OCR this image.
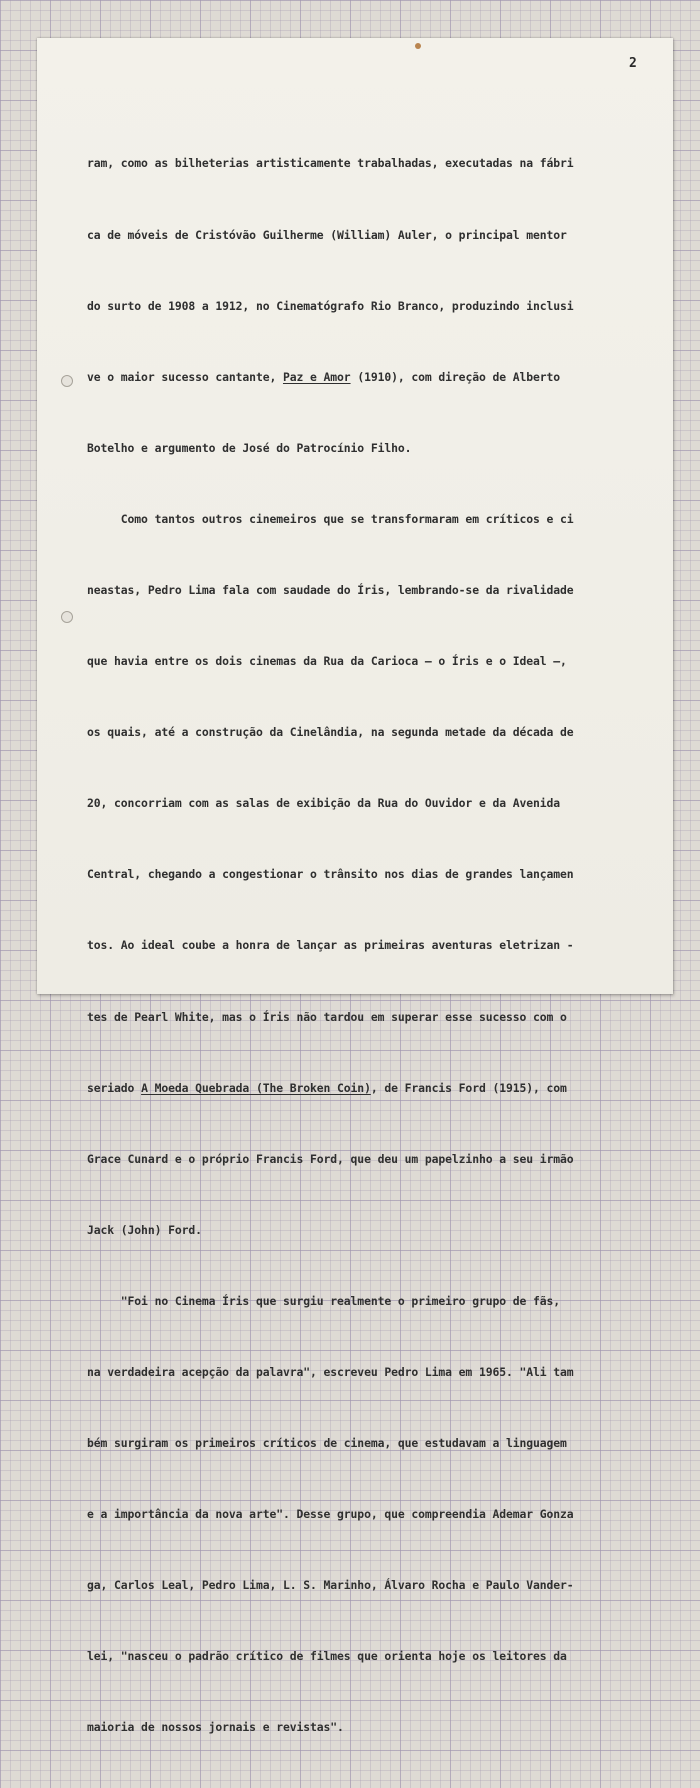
2

ram, como as bilheterias artisticamente trabalhadas, executadas na fábri

ca de móveis de Cristóvão Guilherme (William) Auler, o principal mentor

do surto de 1908 a 1912, no Cinematógrafo Rio Branco, produzindo inclusi

ve o maior sucesso cantante, Paz e Amor (1910), com direção de Alberto

Botelho e argumento de José do Patrocínio Filho.

Como tantos outros cinemeiros que se transformaram em críticos e ci

neastas, Pedro Lima fala com saudade do Íris, lembrando-se da rivalidade

que havia entre os dois cinemas da Rua da Carioca — o Íris e o Ideal —,

os quais, até a construção da Cinelândia, na segunda metade da década de

20, concorriam com as salas de exibição da Rua do Ouvidor e da Avenida

Central, chegando a congestionar o trânsito nos dias de grandes lançamen

tos. Ao ideal coube a honra de lançar as primeiras aventuras eletrizan -

tes de Pearl White, mas o Íris não tardou em superar esse sucesso com o

seriado A Moeda Quebrada (The Broken Coin), de Francis Ford (1915), com

Grace Cunard e o próprio Francis Ford, que deu um papelzinho a seu irmão

Jack (John) Ford.

"Foi no Cinema Íris que surgiu realmente o primeiro grupo de fãs,

na verdadeira acepção da palavra", escreveu Pedro Lima em 1965. "Ali tam

bém surgiram os primeiros críticos de cinema, que estudavam a linguagem

e a importância da nova arte". Desse grupo, que compreendia Ademar Gonza

ga, Carlos Leal, Pedro Lima, L. S. Marinho, Álvaro Rocha e Paulo Vander-

lei, "nasceu o padrão crítico de filmes que orienta hoje os leitores da

maioria de nossos jornais e revistas".
